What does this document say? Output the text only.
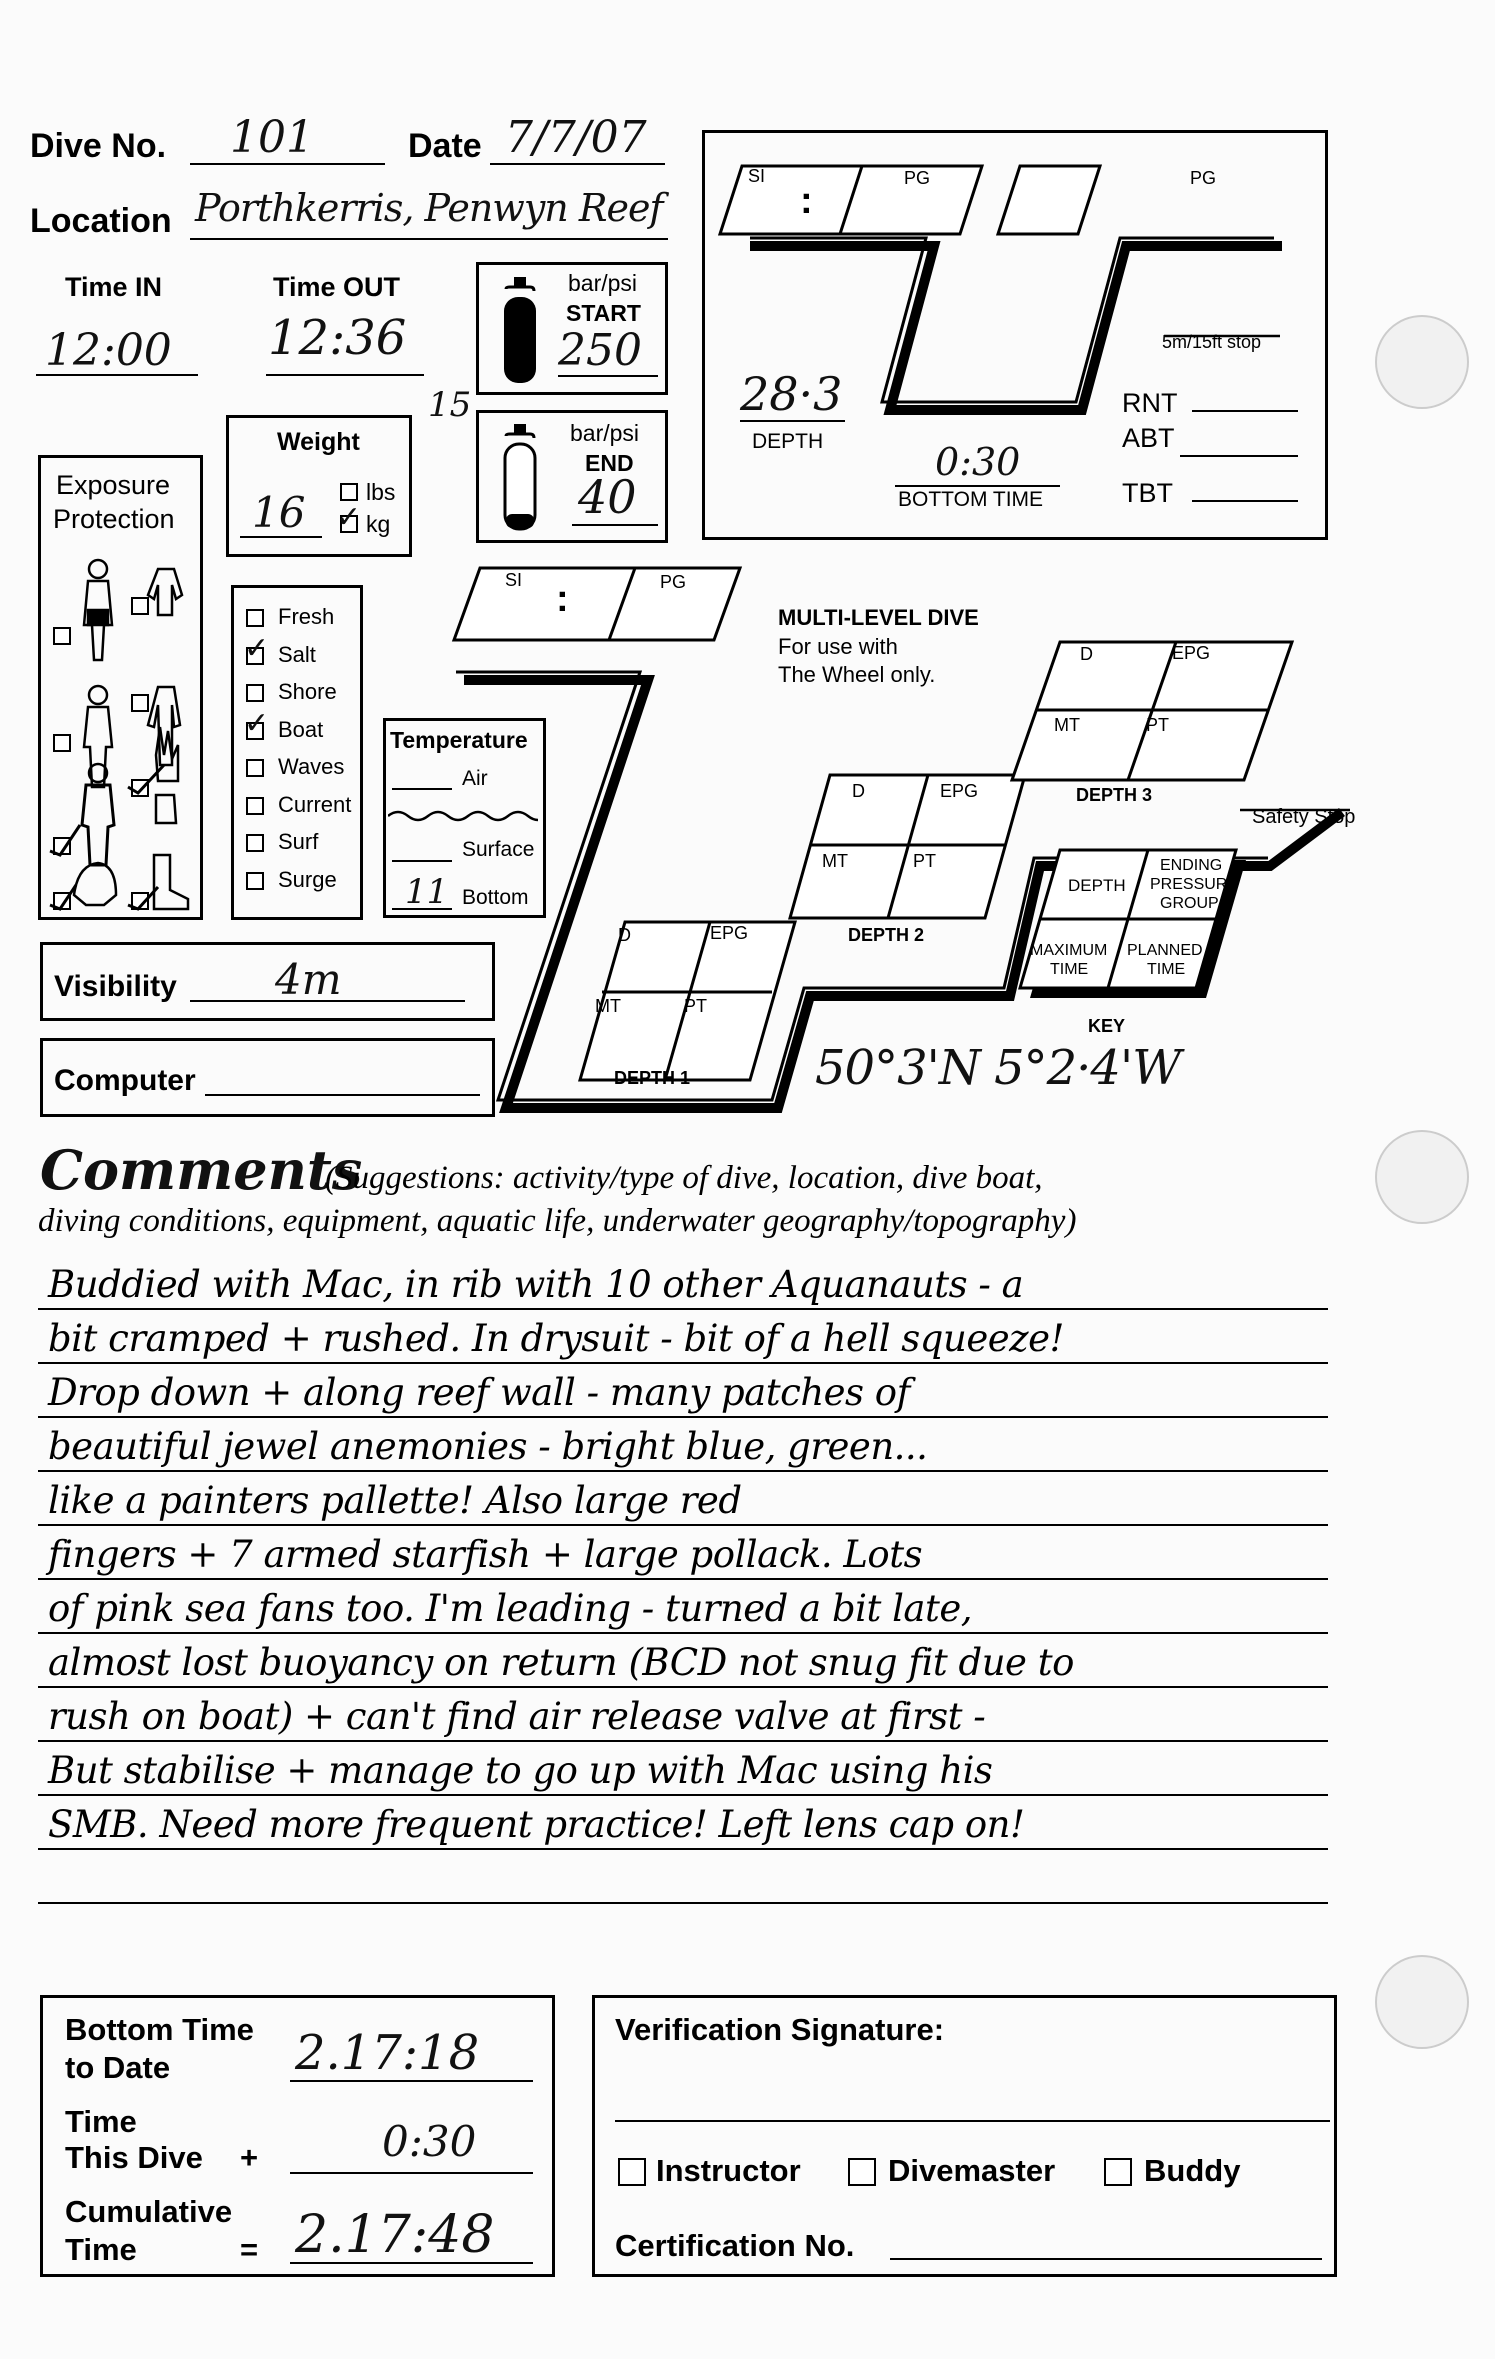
Dive No. 101	Date 7/7/07
Location Porthkerris, Penwyn Reef
Time IN
12:00
Time OUT
12:36
bar/psi
START
250
15
bar/psi
END
40
Weight
16	lbs
✓ kg
Exposure
Protection
Fresh
✓ Salt
Shore
✓ Boat
Waves
Current
Surf
Surge
Temperature
Air
Surface
11 Bottom
Visibility 4m
Computer
SI
:
PG	PG
5m/15ft stop
28·3
DEPTH	0:30
BOTTOM TIME
RNT
ABT
TBT
SI :	PG
MULTI-LEVEL DIVE
For use with
The Wheel only.
D	EPG
MT	PT
DEPTH 1
D	EPG
MT	PT
DEPTH 2
D	EPG
MT	PT
DEPTH 3
Safety Stop
DEPTH
ENDING
PRESSURE
GROUP
MAXIMUM
TIME
PLANNED
TIME
KEY
50°3'N 5°2·4'W
Comments
(Suggestions: activity/type of dive, location, dive boat,
diving conditions, equipment, aquatic life, underwater geography/topography)
Buddied with Mac, in rib with 10 other Aquanauts - a
bit cramped + rushed. In drysuit - bit of a hell squeeze!
Drop down + along reef wall - many patches of
beautiful jewel anemonies - bright blue, green...
like a painters pallette! Also large red
fingers + 7 armed starfish + large pollack. Lots
of pink sea fans too. I'm leading - turned a bit late,
almost lost buoyancy on return (BCD not snug fit due to
rush on boat) + can't find air release valve at first -
But stabilise + manage to go up with Mac using his
SMB. Need more frequent practice! Left lens cap on!
Bottom Time
to Date	2.17:18
Time
This Dive +	0:30
Cumulative
Time	= 2.17:48
Verification Signature:
Instructor	Divemaster	Buddy
Certification No.
